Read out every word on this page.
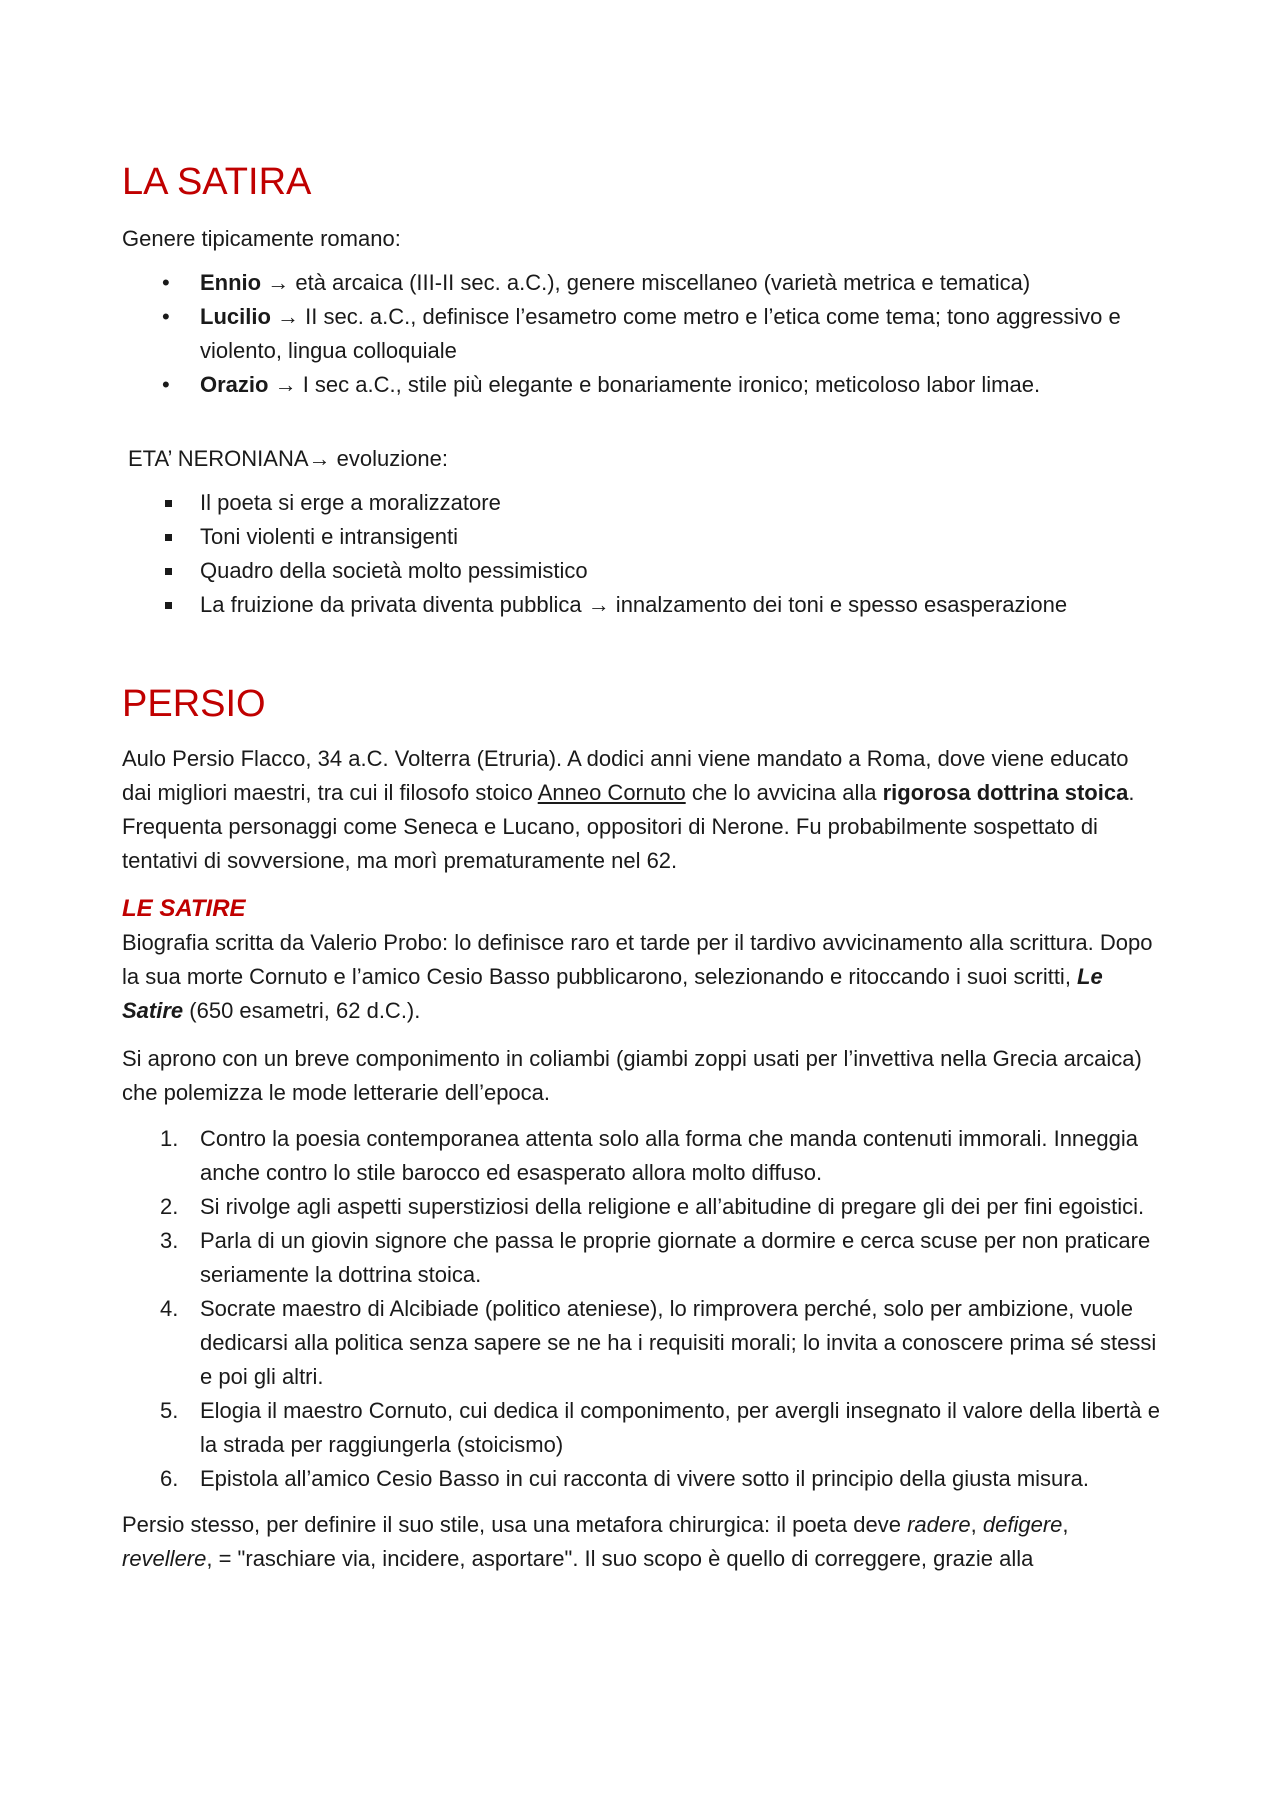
LA SATIRA

Genere tipicamente romano:

• Ennio → età arcaica (III-II sec. a.C.), genere miscellaneo (varietà metrica e tematica)
• Lucilio → II sec. a.C., definisce l’esametro come metro e l’etica come tema; tono aggressivo e violento, lingua colloquiale
• Orazio → I sec a.C., stile più elegante e bonariamente ironico; meticoloso labor limae.

ETA’ NERONIANA→ evoluzione:

Il poeta si erge a moralizzatore
Toni violenti e intransigenti
Quadro della società molto pessimistico
La fruizione da privata diventa pubblica → innalzamento dei toni e spesso esasperazione
PERSIO

Aulo Persio Flacco, 34 a.C. Volterra (Etruria). A dodici anni viene mandato a Roma, dove viene educato dai migliori maestri, tra cui il filosofo stoico Anneo Cornuto che lo avvicina alla rigorosa dottrina stoica. Frequenta personaggi come Seneca e Lucano, oppositori di Nerone. Fu probabilmente sospettato di tentativi di sovversione, ma morì prematuramente nel 62.

LE SATIRE

Biografia scritta da Valerio Probo: lo definisce raro et tarde per il tardivo avvicinamento alla scrittura. Dopo la sua morte Cornuto e l’amico Cesio Basso pubblicarono, selezionando e ritoccando i suoi scritti, Le Satire (650 esametri, 62 d.C.).

Si aprono con un breve componimento in coliambi (giambi zoppi usati per l’invettiva nella Grecia arcaica) che polemizza le mode letterarie dell’epoca.

1. Contro la poesia contemporanea attenta solo alla forma che manda contenuti immorali. Inneggia anche contro lo stile barocco ed esasperato allora molto diffuso.
2. Si rivolge agli aspetti superstiziosi della religione e all’abitudine di pregare gli dei per fini egoistici.
3. Parla di un giovin signore che passa le proprie giornate a dormire e cerca scuse per non praticare seriamente la dottrina stoica.
4. Socrate maestro di Alcibiade (politico ateniese), lo rimprovera perché, solo per ambizione, vuole dedicarsi alla politica senza sapere se ne ha i requisiti morali; lo invita a conoscere prima sé stessi e poi gli altri.
5. Elogia il maestro Cornuto, cui dedica il componimento, per avergli insegnato il valore della libertà e la strada per raggiungerla (stoicismo)
6. Epistola all’amico Cesio Basso in cui racconta di vivere sotto il principio della giusta misura.

Persio stesso, per definire il suo stile, usa una metafora chirurgica: il poeta deve radere, defigere, revellere, = "raschiare via, incidere, asportare". Il suo scopo è quello di correggere, grazie alla
